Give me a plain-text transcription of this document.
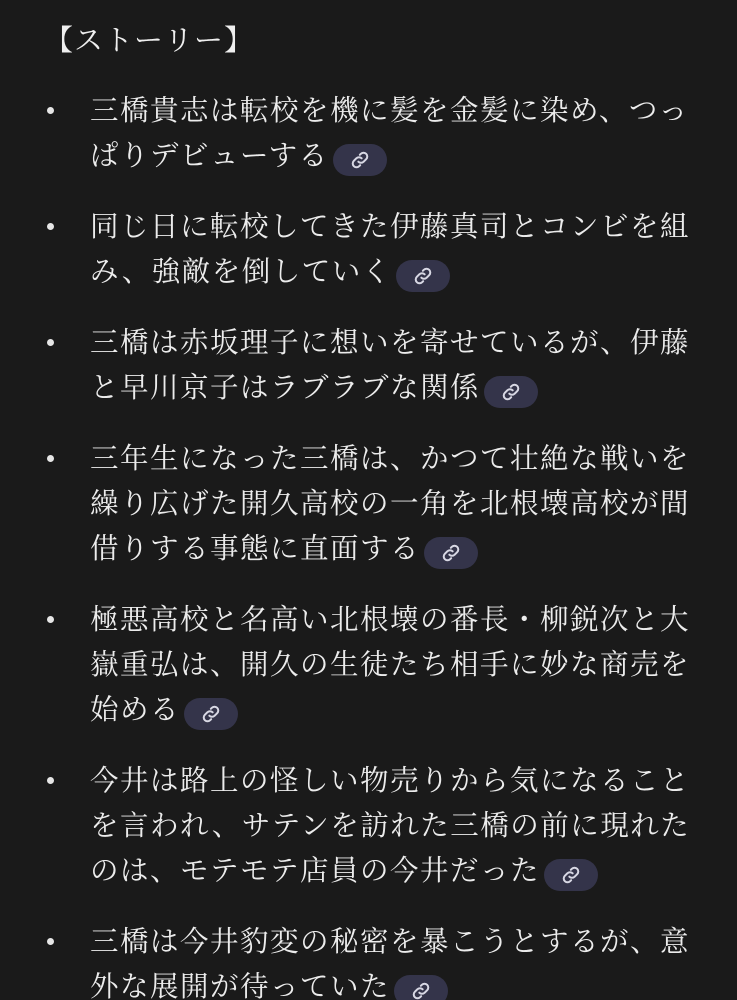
【ストーリー】
三橋貴志は転校を機に髪を金髪に染め、つっぱりデビューする
同じ日に転校してきた伊藤真司とコンビを組み、強敵を倒していく
三橋は赤坂理子に想いを寄せているが、伊藤と早川京子はラブラブな関係
三年生になった三橋は、かつて壮絶な戦いを繰り広げた開久高校の一角を北根壊高校が間借りする事態に直面する
極悪高校と名高い北根壊の番長・柳鋭次と大嶽重弘は、開久の生徒たち相手に妙な商売を始める
今井は路上の怪しい物売りから気になることを言われ、サテンを訪れた三橋の前に現れたのは、モテモテ店員の今井だった
三橋は今井豹変の秘密を暴こうとするが、意外な展開が待っていた
